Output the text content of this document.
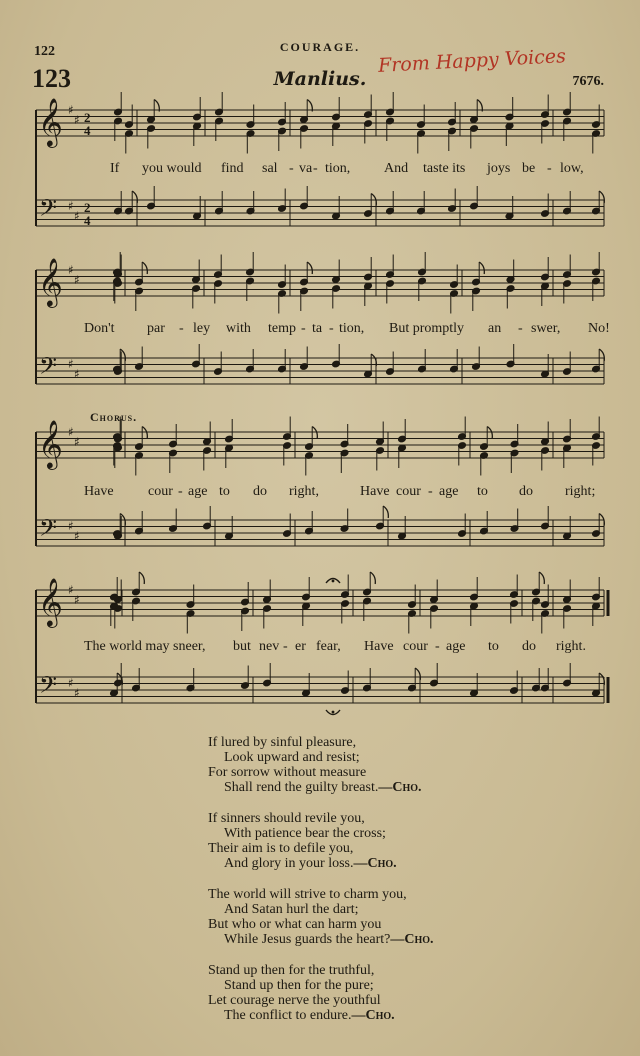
122	COURAGE.
123	Manlius.	7676.
From Happy Voices
𝄞
𝄢
♯
♯
♯
♯
2
4
2
4
𝄞
𝄢
♯
♯
♯
♯
𝄞
𝄢
♯
♯
♯
♯
𝄞
𝄢
♯
♯
♯
♯
Chorus.
If you would find sal - va - tion, And taste its joys be - low,
Don't par - ley with temp - ta - tion, But promptly an - swer, No!
Have cour - age to do right,	Have cour - age to do right;
The world may sneer, but nev - er fear, Have cour - age to do right.
If lured by sinful pleasure,
Look upward and resist;
For sorrow without measure
Shall rend the guilty breast.—Cho.
If sinners should revile you,
With patience bear the cross;
Their aim is to defile you,
And glory in your loss.—Cho.
The world will strive to charm you,
And Satan hurl the dart;
But who or what can harm you
While Jesus guards the heart?—Cho.
Stand up then for the truthful,
Stand up then for the pure;
Let courage nerve the youthful
The conflict to endure.—Cho.
